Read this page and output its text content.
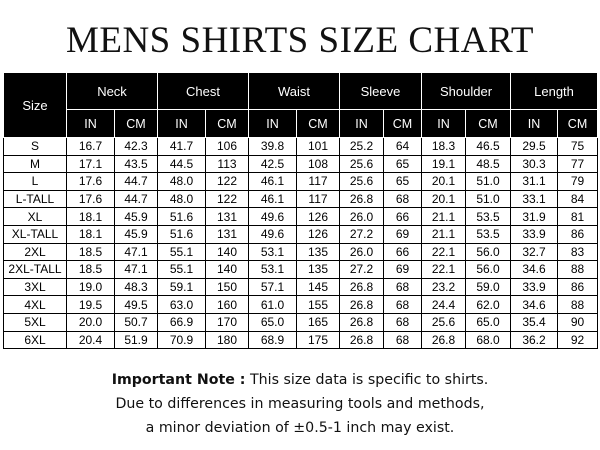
MENS SHIRTS SIZE CHART
Size	Neck		Chest		Waist		Sleeve		Shoulder		Length	
	IN	CM	IN	CM	IN	CM	IN	CM	IN	CM	IN	CM
S	16.7	42.3	41.7	106	39.8	101	25.2	64	18.3	46.5	29.5	75
M	17.1	43.5	44.5	113	42.5	108	25.6	65	19.1	48.5	30.3	77
L	17.6	44.7	48.0	122	46.1	117	25.6	65	20.1	51.0	31.1	79
L-TALL	17.6	44.7	48.0	122	46.1	117	26.8	68	20.1	51.0	33.1	84
XL	18.1	45.9	51.6	131	49.6	126	26.0	66	21.1	53.5	31.9	81
XL-TALL	18.1	45.9	51.6	131	49.6	126	27.2	69	21.1	53.5	33.9	86
2XL	18.5	47.1	55.1	140	53.1	135	26.0	66	22.1	56.0	32.7	83
2XL-TALL	18.5	47.1	55.1	140	53.1	135	27.2	69	22.1	56.0	34.6	88
3XL	19.0	48.3	59.1	150	57.1	145	26.8	68	23.2	59.0	33.9	86
4XL	19.5	49.5	63.0	160	61.0	155	26.8	68	24.4	62.0	34.6	88
5XL	20.0	50.7	66.9	170	65.0	165	26.8	68	25.6	65.0	35.4	90
6XL	20.4	51.9	70.9	180	68.9	175	26.8	68	26.8	68.0	36.2	92
Important Note : This size data is specific to shirts.
Due to differences in measuring tools and methods,
a minor deviation of ±0.5-1 inch may exist.
